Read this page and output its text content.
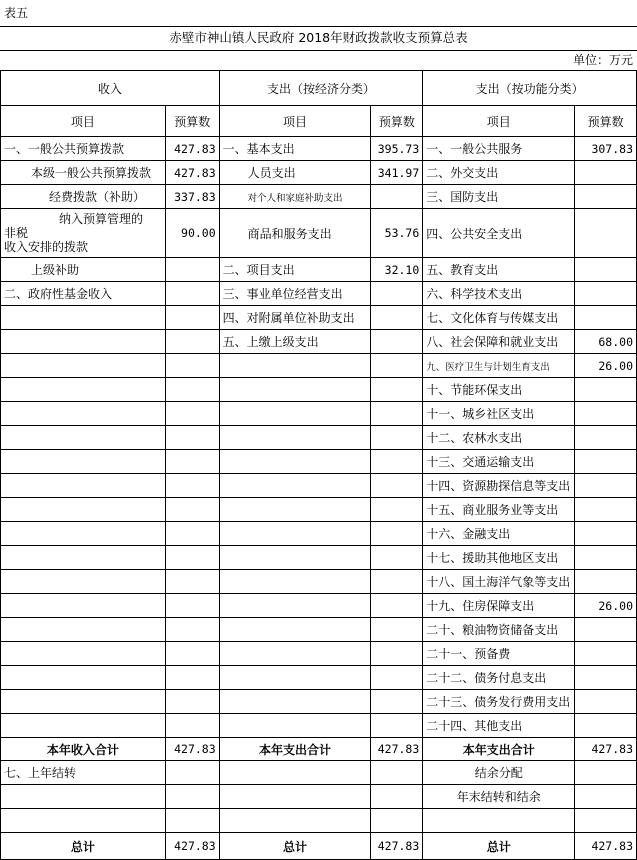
表五
赤壁市神山镇人民政府 2018年财政拨款收支预算总表
单位：万元
收入		支出（按经济分类）		支出（按功能分类）	
项目	预算数	项目	预算数	项目	预算数
一、一般公共预算拨款	427.83	一、基本支出	395.73	一、一般公共服务	307.83
本级一般公共预算拨款	427.83	人员支出	341.97	二、外交支出	
经费拨款（补助）	337.83	对个人和家庭补助支出		三、国防支出	

纳入预算管理的
非税
收入安排的拨款	90.00	商品和服务支出	53.76	四、公共安全支出	
上级补助		二、项目支出	32.10	五、教育支出	
二、政府性基金收入		三、事业单位经营支出		六、科学技术支出	
		四、对附属单位补助支出		七、文化体育与传媒支出	
		五、上缴上级支出		八、社会保障和就业支出	68.00
				九、医疗卫生与计划生育支出	26.00
				十、节能环保支出	
				十一、城乡社区支出	
				十二、农林水支出	
				十三、交通运输支出	
				十四、资源勘探信息等支出	
				十五、商业服务业等支出	
				十六、金融支出	
				十七、援助其他地区支出	
				十八、国土海洋气象等支出	
				十九、住房保障支出	26.00
				二十、粮油物资储备支出	
				二十一、预备费	
				二十二、债务付息支出	
				二十三、债务发行费用支出	
				二十四、其他支出	
本年收入合计	427.83	本年支出合计	427.83	本年支出合计	427.83
七、上年结转				结余分配	
				年末结转和结余	

总计	427.83	总计	427.83	总计	427.83
